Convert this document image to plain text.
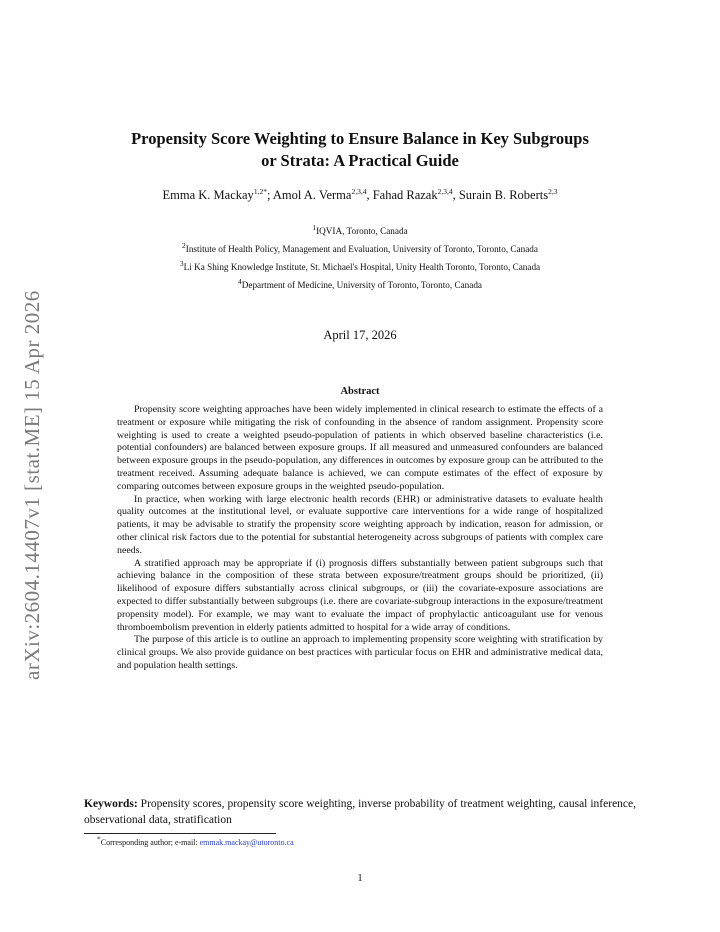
arXiv:2604.14407v1 [stat.ME] 15 Apr 2026
Propensity Score Weighting to Ensure Balance in Key Subgroups
or Strata: A Practical Guide
Emma K. Mackay$^{1,2*}$; Amol A. Verma$^{2,3,4}$, Fahad Razak$^{2,3,4}$, Surain B. Roberts$^{2,3}$
$^1$IQVIA, Toronto, Canada
$^2$Institute of Health Policy, Management and Evaluation, University of Toronto, Toronto, Canada
$^3$Li Ka Shing Knowledge Institute, St. Michael's Hospital, Unity Health Toronto, Toronto, Canada
$^4$Department of Medicine, University of Toronto, Toronto, Canada
April 17, 2026
Abstract

Propensity score weighting approaches have been widely implemented in clinical research to estimate the effects of a treatment or exposure while mitigating the risk of confounding in the absence of random assignment. Propensity score weighting is used to create a weighted pseudo-population of patients in which observed baseline characteristics (i.e. potential confounders) are balanced between exposure groups. If all measured and unmeasured confounders are balanced between exposure groups in the pseudo-population, any differences in outcomes by exposure group can be attributed to the treatment received. Assuming adequate balance is achieved, we can compute estimates of the effect of exposure by comparing outcomes between exposure groups in the weighted pseudo-population.

In practice, when working with large electronic health records (EHR) or administrative datasets to evaluate health quality outcomes at the institutional level, or evaluate supportive care interventions for a wide range of hospitalized patients, it may be advisable to stratify the propensity score weighting approach by indication, reason for admission, or other clinical risk factors due to the potential for substantial heterogeneity across subgroups of patients with complex care needs.

A stratified approach may be appropriate if (i) prognosis differs substantially between patient subgroups such that achieving balance in the composition of these strata between exposure/treatment groups should be prioritized, (ii) likelihood of exposure differs substantially across clinical subgroups, or (iii) the covariate-exposure associations are expected to differ substantially between subgroups (i.e. there are covariate-subgroup interactions in the exposure/treatment propensity model). For example, we may want to evaluate the impact of prophylactic anticoagulant use for venous thromboembolism prevention in elderly patients admitted to hospital for a wide array of conditions.

The purpose of this article is to outline an approach to implementing propensity score weighting with stratification by clinical groups. We also provide guidance on best practices with particular focus on EHR and administrative medical data, and population health settings.

Keywords: Propensity scores, propensity score weighting, inverse probability of treatment weighting, causal inference, observational data, stratification
*Corresponding author; e-mail: emmak.mackay@utoronto.ca
1
